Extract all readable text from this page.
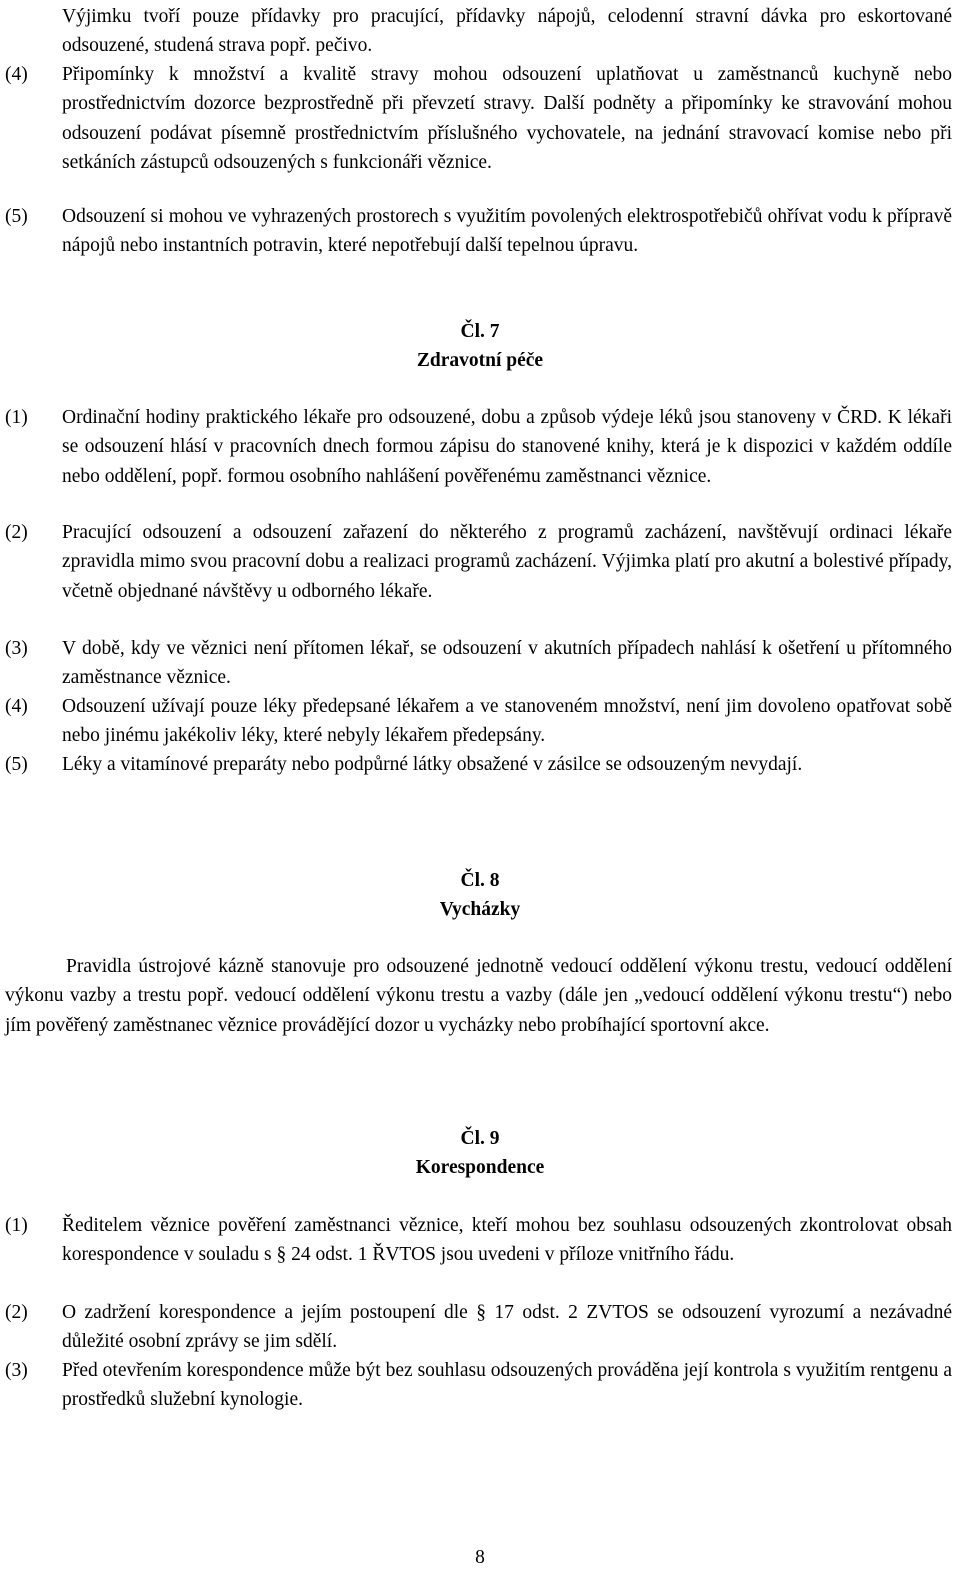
Výjimku tvoří pouze přídavky pro pracující, přídavky nápojů, celodenní stravní dávka pro eskortované odsouzené, studená strava popř. pečivo.
(4)	Připomínky k množství a kvalitě stravy mohou odsouzení uplatňovat u zaměstnanců kuchyně nebo prostřednictvím dozorce bezprostředně při převzetí stravy. Další podněty a připomínky ke stravování mohou odsouzení podávat písemně prostřednictvím příslušného vychovatele, na jednání stravovací komise nebo při setkáních zástupců odsouzených s funkcionáři věznice.
(5)	Odsouzení si mohou ve vyhrazených prostorech s využitím povolených elektrospotřebičů ohřívat vodu k přípravě nápojů nebo instantních potravin, které nepotřebují další tepelnou úpravu.
Čl. 7
Zdravotní péče
(1)	Ordinační hodiny praktického lékaře pro odsouzené, dobu a způsob výdeje léků jsou stanoveny v ČRD. K lékaři se odsouzení hlásí v pracovních dnech formou zápisu do stanovené knihy, která je k dispozici v každém oddíle nebo oddělení, popř. formou osobního nahlášení pověřenému zaměstnanci věznice.
(2)	Pracující odsouzení a odsouzení zařazení do některého z programů zacházení, navštěvují ordinaci lékaře zpravidla mimo svou pracovní dobu a realizaci programů zacházení. Výjimka platí pro akutní a bolestivé případy, včetně objednané návštěvy u odborného lékaře.
(3)	V době, kdy ve věznici není přítomen lékař, se odsouzení v akutních případech nahlásí k ošetření u přítomného zaměstnance věznice.
(4)	Odsouzení užívají pouze léky předepsané lékařem a ve stanoveném množství, není jim dovoleno opatřovat sobě nebo jinému jakékoliv léky, které nebyly lékařem předepsány.
(5)	Léky a vitamínové preparáty nebo podpůrné látky obsažené v zásilce se odsouzeným nevydají.
Čl. 8
Vycházky
Pravidla ústrojové kázně stanovuje pro odsouzené jednotně vedoucí oddělení výkonu trestu, vedoucí oddělení výkonu vazby a trestu popř. vedoucí oddělení výkonu trestu a vazby (dále jen „vedoucí oddělení výkonu trestu“) nebo jím pověřený zaměstnanec věznice provádějící dozor u vycházky nebo probíhající sportovní akce.
Čl. 9
Korespondence
(1)	Ředitelem věznice pověření zaměstnanci věznice, kteří mohou bez souhlasu odsouzených zkontrolovat obsah korespondence v souladu s § 24 odst. 1 ŘVTOS jsou uvedeni v příloze vnitřního řádu.
(2)	O zadržení korespondence a jejím postoupení dle § 17 odst. 2 ZVTOS se odsouzení vyrozumí a nezávadné důležité osobní zprávy se jim sdělí.
(3)	Před otevřením korespondence může být bez souhlasu odsouzených prováděna její kontrola s využitím rentgenu a prostředků služební kynologie.
8
